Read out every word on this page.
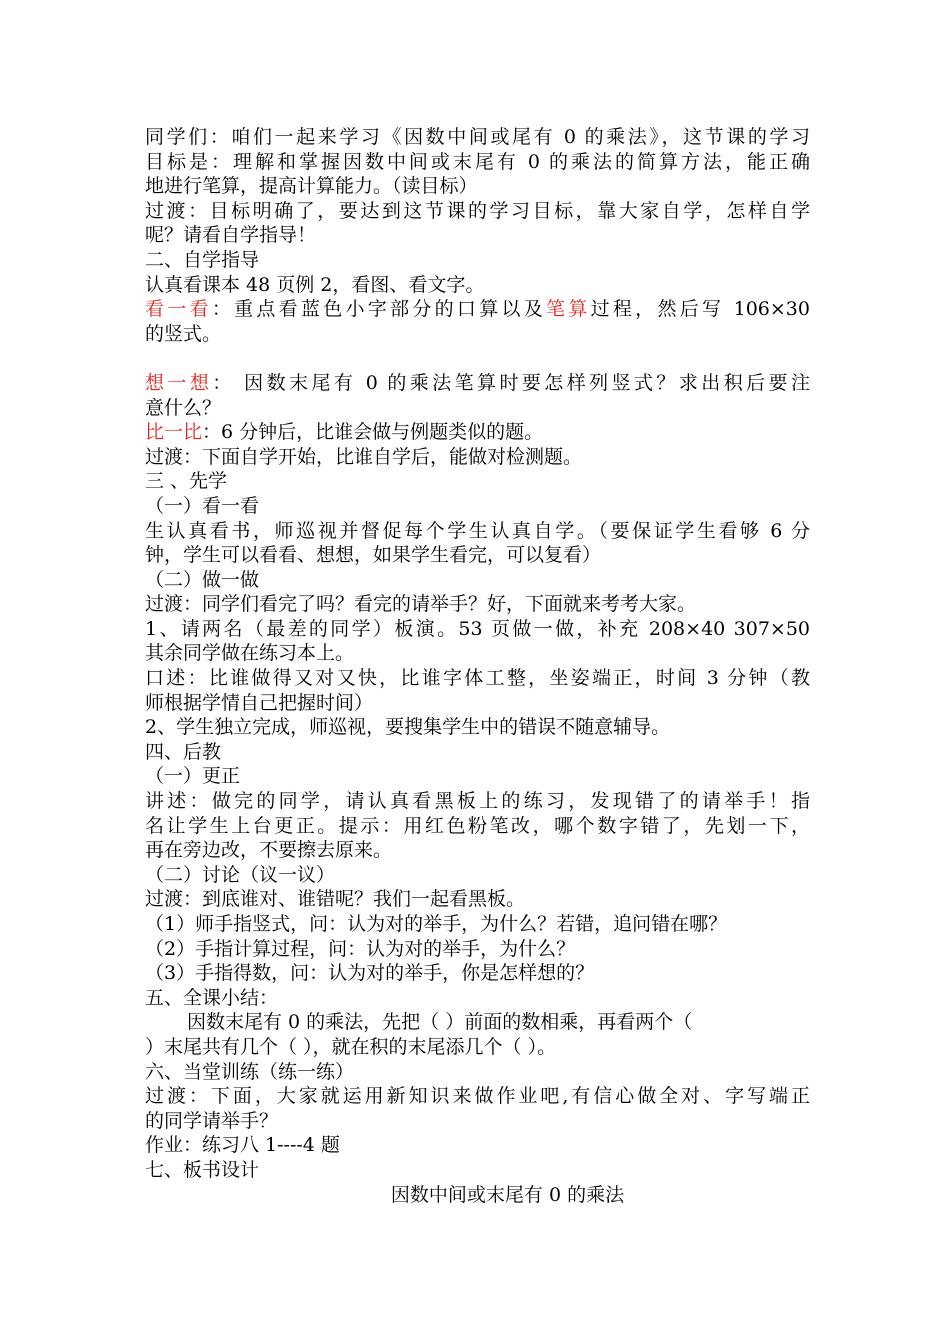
同学们：咱们一起来学习《因数中间或尾有 0 的乘法》，这节课的学习
目标是：理解和掌握因数中间或末尾有 0 的乘法的简算方法，能正确
地进行笔算，提高计算能力。（读目标）
过渡：目标明确了，要达到这节课的学习目标，靠大家自学，怎样自学
呢？请看自学指导！
二、自学指导
认真看课本 48 页例 2，看图、看文字。
看一看：重点看蓝色小字部分的口算以及笔算过程，然后写 106×30
的竖式。
想一想： 因数末尾有 0 的乘法笔算时要怎样列竖式？求出积后要注
意什么？
比一比：6 分钟后，比谁会做与例题类似的题。
过渡：下面自学开始，比谁自学后，能做对检测题。
三 、先学
（一）看一看
生认真看书，师巡视并督促每个学生认真自学。（要保证学生看够 6 分
钟，学生可以看看、想想，如果学生看完，可以复看）
（二）做一做
过渡：同学们看完了吗？看完的请举手？好，下面就来考考大家。
1、请两名（最差的同学）板演。53 页做一做，补充 208×40 307×50
其余同学做在练习本上。
口述：比谁做得又对又快，比谁字体工整，坐姿端正，时间 3 分钟（教
师根据学情自己把握时间）
2、学生独立完成，师巡视，要搜集学生中的错误不随意辅导。
四、后教
（一）更正
讲述：做完的同学，请认真看黑板上的练习，发现错了的请举手！指
名让学生上台更正。提示：用红色粉笔改，哪个数字错了，先划一下，
再在旁边改，不要擦去原来。
（二）讨论（议一议）
过渡：到底谁对、谁错呢？我们一起看黑板。
（1）师手指竖式，问：认为对的举手，为什么？若错，追问错在哪？
（2）手指计算过程，问：认为对的举手，为什么？
（3）手指得数，问：认为对的举手，你是怎样想的？
五、全课小结：
因数末尾有 0 的乘法，先把（ ）前面的数相乘，再看两个（
）末尾共有几个（ ），就在积的末尾添几个（ ）。
六、当堂训练（练一练）
过渡：下面，大家就运用新知识来做作业吧,有信心做全对、字写端正
的同学请举手？
作业：练习八 1----4 题
七、板书设计
因数中间或末尾有 0 的乘法
